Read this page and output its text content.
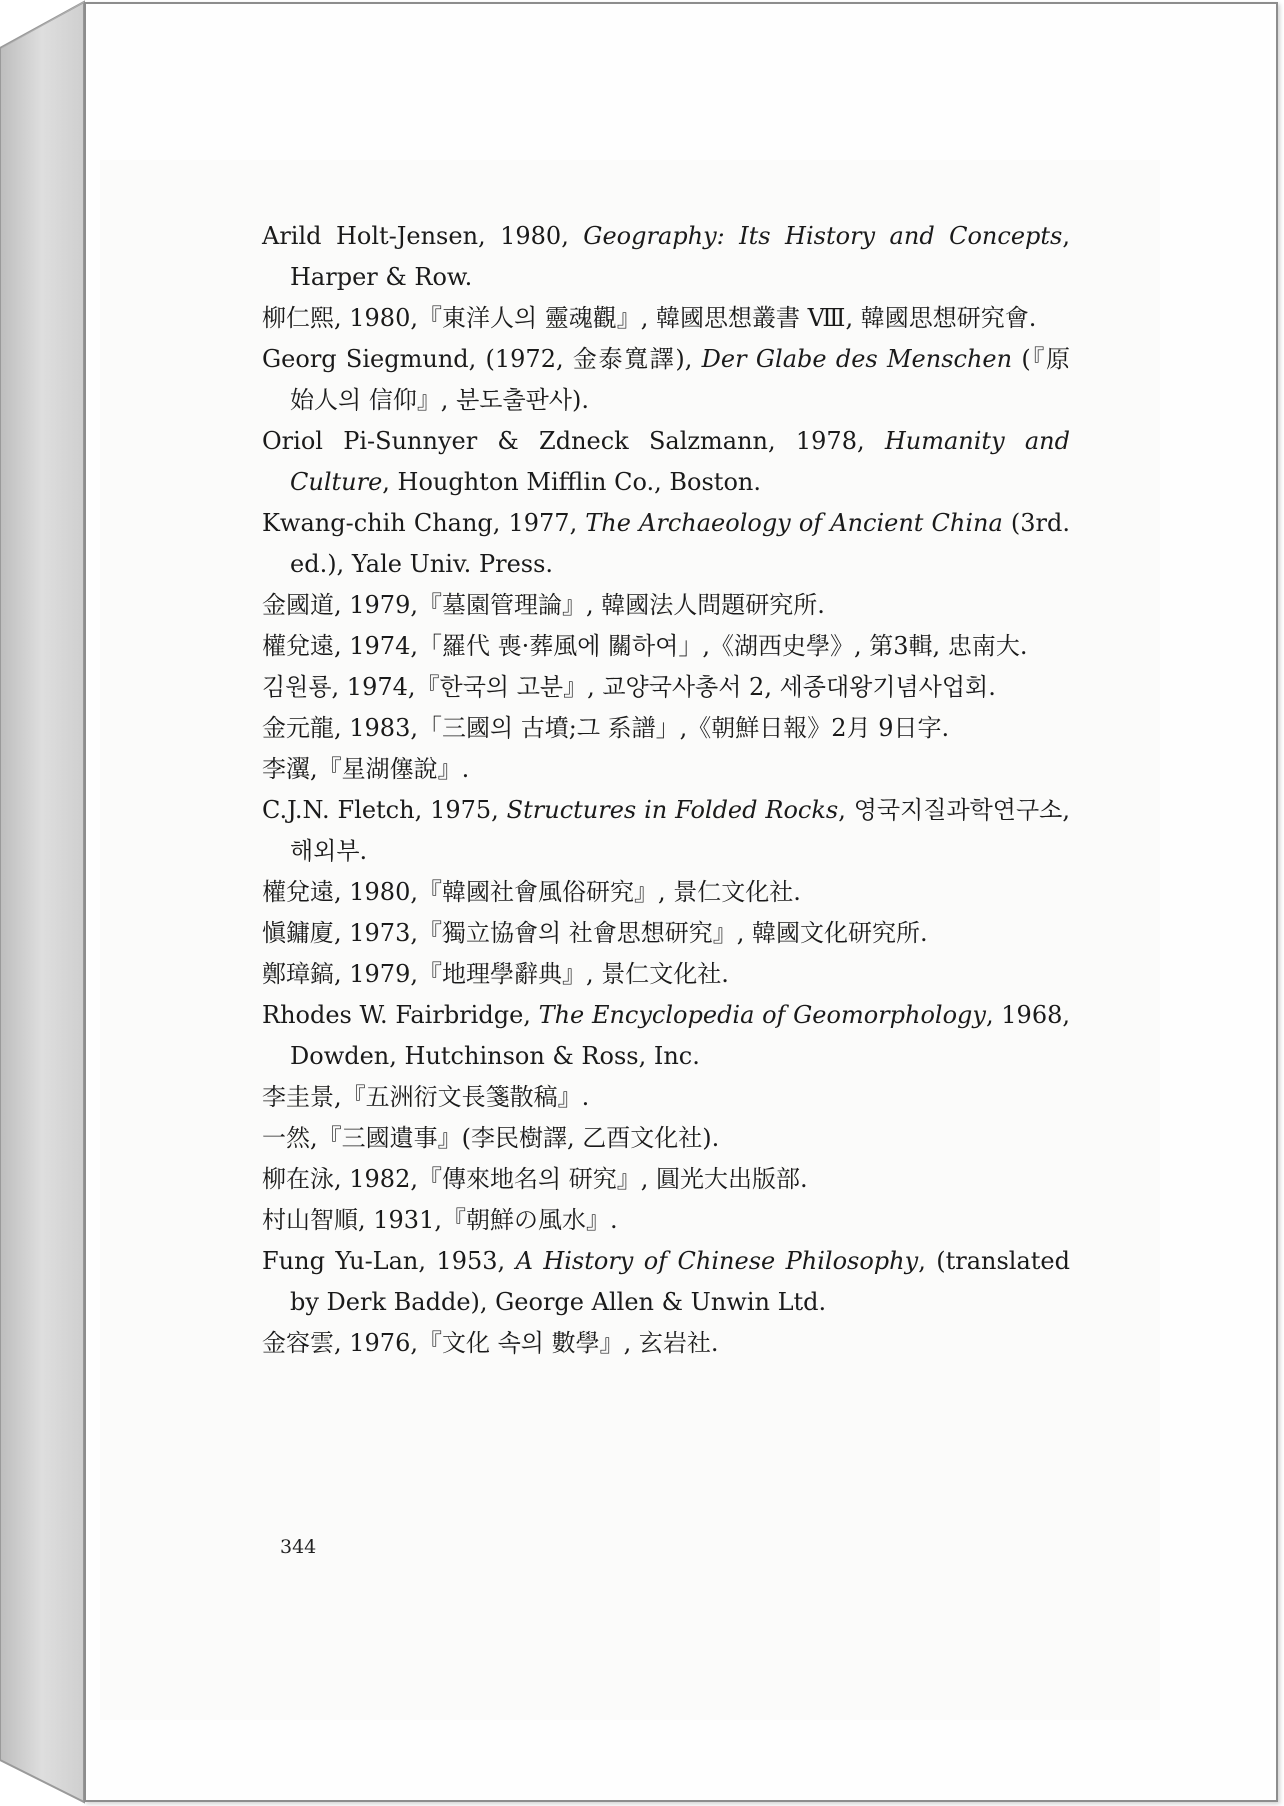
Arild Holt-Jensen, 1980, Geography: Its History and Concepts, Harper & Row.

柳仁熙, 1980,『東洋人의 靈魂觀』, 韓國思想叢書 Ⅷ, 韓國思想研究會.

Georg Siegmund, (1972, 金泰寬譯), Der Glabe des Menschen (『原始人의 信仰』, 분도출판사).

Oriol Pi-Sunnyer & Zdneck Salzmann, 1978, Humanity and Culture, Houghton Mifflin Co., Boston.

Kwang-chih Chang, 1977, The Archaeology of Ancient China (3rd. ed.), Yale Univ. Press.

金國道, 1979,『墓園管理論』, 韓國法人問題研究所.

權兌遠, 1974,「羅代 喪·葬風에 關하여」,《湖西史學》, 第3輯, 忠南大.

김원룡, 1974,『한국의 고분』, 교양국사총서 2, 세종대왕기념사업회.

金元龍, 1983,「三國의 古墳;그 系譜」,《朝鮮日報》2月 9日字.

李瀷,『星湖僿說』.

C.J.N. Fletch, 1975, Structures in Folded Rocks, 영국지질과학연구소, 해외부.

權兌遠, 1980,『韓國社會風俗研究』, 景仁文化社.

愼鏞廈, 1973,『獨立協會의 社會思想研究』, 韓國文化研究所.

鄭璋鎬, 1979,『地理學辭典』, 景仁文化社.

Rhodes W. Fairbridge, The Encyclopedia of Geomorphology, 1968, Dowden, Hutchinson & Ross, Inc.

李圭景,『五洲衍文長箋散稿』.

一然,『三國遺事』(李民樹譯, 乙酉文化社).

柳在泳, 1982,『傳來地名의 研究』, 圓光大出版部.

村山智順, 1931,『朝鮮の風水』.

Fung Yu-Lan, 1953, A History of Chinese Philosophy, (translated by Derk Badde), George Allen & Unwin Ltd.

金容雲, 1976,『文化 속의 數學』, 玄岩社.

344
